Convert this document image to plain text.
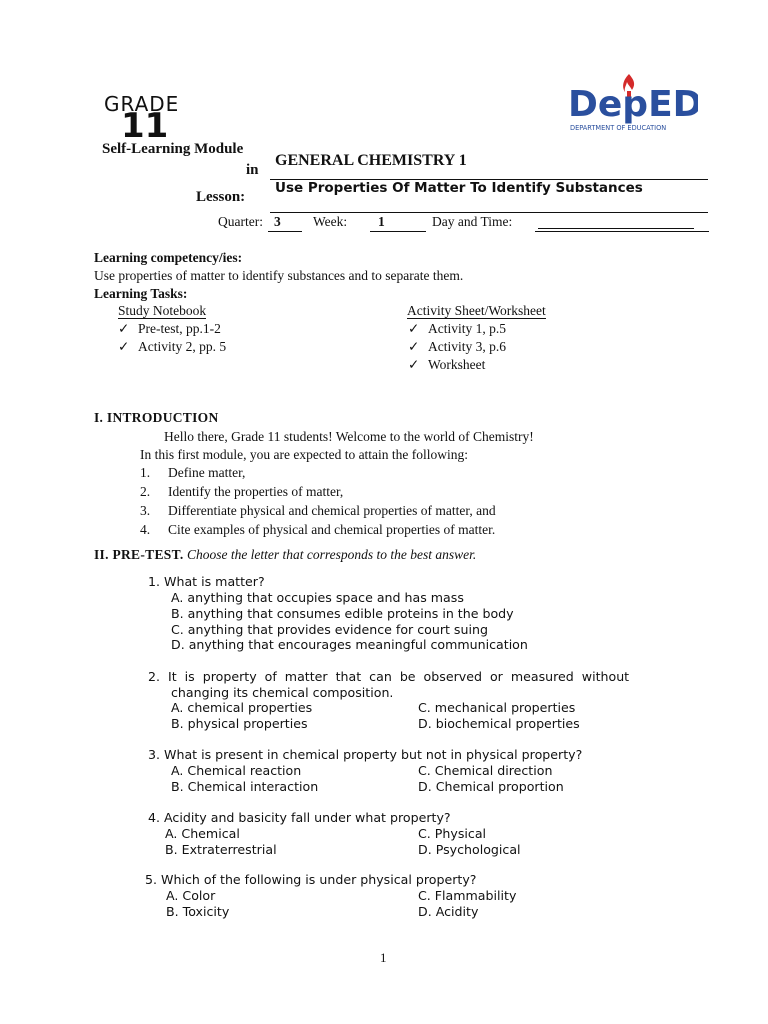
GRADE
11
Self-Learning Module
in
Lesson:
GENERAL CHEMISTRY 1
Use Properties Of Matter To Identify Substances
Quarter: 3 Week: 1	Day and Time:
DepED
DEPARTMENT OF EDUCATION
Learning competency/ies:
Use properties of matter to identify substances and to separate them.
Learning Tasks:
Study Notebook
✓ Pre-test, pp.1-2
✓ Activity 2, pp. 5
Activity Sheet/Worksheet
✓ Activity 1, p.5
✓ Activity 3, p.6
✓ Worksheet
I. INTRODUCTION
Hello there, Grade 11 students! Welcome to the world of Chemistry!
In this first module, you are expected to attain the following:
1. Define matter,
2. Identify the properties of matter,
3. Differentiate physical and chemical properties of matter, and
4. Cite examples of physical and chemical properties of matter.
II. PRE-TEST. Choose the letter that corresponds to the best answer.
1. What is matter?
A. anything that occupies space and has mass
B. anything that consumes edible proteins in the body
C. anything that provides evidence for court suing
D. anything that encourages meaningful communication
2.  It  is  property  of  matter  that  can  be  observed  or  measured  without
changing its chemical composition.
A. chemical properties	C. mechanical properties
B. physical properties	D. biochemical properties
3. What is present in chemical property but not in physical property?
A. Chemical reaction	C. Chemical direction
B. Chemical interaction	D. Chemical proportion
4. Acidity and basicity fall under what property?
A. Chemical	C. Physical
B. Extraterrestrial	D. Psychological
5. Which of the following is under physical property?
A. Color	C. Flammability
B. Toxicity	D. Acidity
1
